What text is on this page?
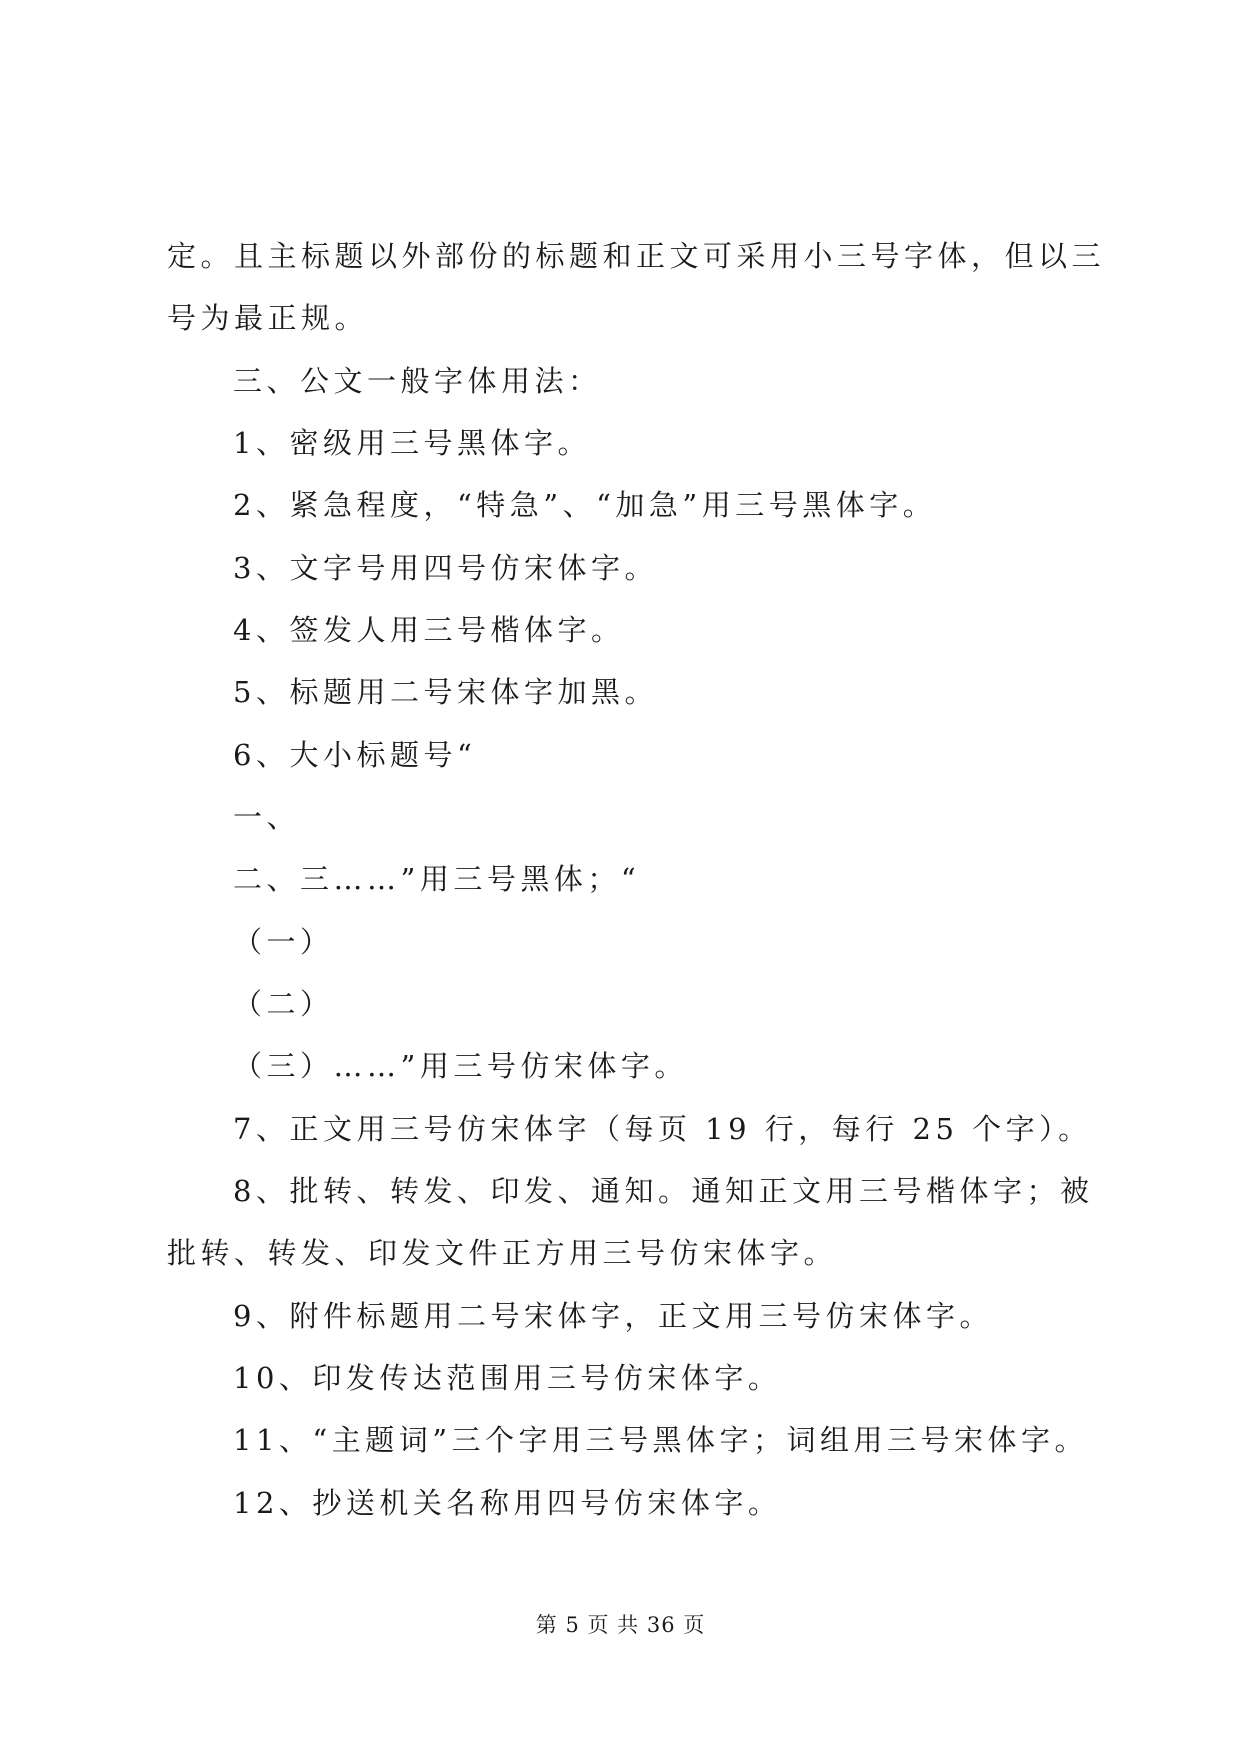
定。且主标题以外部份的标题和正文可采用小三号字体，但以三
号为最正规。
三、公文一般字体用法：
1、密级用三号黑体字。
2、紧急程度，“特急”、“加急”用三号黑体字。
3、文字号用四号仿宋体字。
4、签发人用三号楷体字。
5、标题用二号宋体字加黑。
6、大小标题号“
一、
二、三……”用三号黑体；“
（一）
（二）
（三）……”用三号仿宋体字。
7、正文用三号仿宋体字（每页 19 行，每行 25 个字）。
8、批转、转发、印发、通知。通知正文用三号楷体字；被
批转、转发、印发文件正方用三号仿宋体字。
9、附件标题用二号宋体字，正文用三号仿宋体字。
10、印发传达范围用三号仿宋体字。
11、“主题词”三个字用三号黑体字；词组用三号宋体字。
12、抄送机关名称用四号仿宋体字。
第 5 页 共 36 页
